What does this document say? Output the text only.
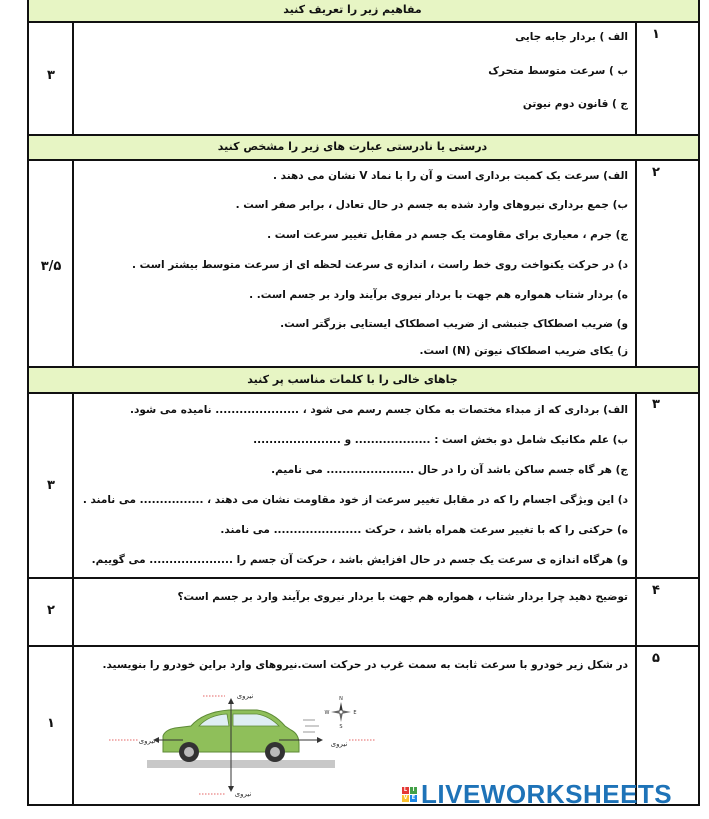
مفاهیم زیر را تعریف کنید
۱
۳
الف ) بردار جابه جایی
ب ) سرعت متوسط متحرک
ج ) قانون دوم نیوتن
درستی یا نادرستی عبارت های زیر را مشخص کنید
۲
۳/۵
الف) سرعت یک کمیت برداری است و آن را با نماد V نشان می دهند .
ب) جمع برداری نیروهای وارد شده به جسم در حال تعادل ، برابر صفر است .
ج) جرم ، معیاری برای مقاومت یک جسم در مقابل تغییر سرعت است .
د) در حرکت یکنواخت روی خط راست ، اندازه ی سرعت لحظه ای از سرعت متوسط بیشتر است .
ه) بردار شتاب همواره هم جهت با بردار نیروی برآیند وارد بر جسم است. .
و) ضریب اصطکاک جنبشی از ضریب اصطکاک ایستایی بزرگتر است.
ز) یکای ضریب اصطکاک نیوتن (N) است.
جاهای خالی را با کلمات مناسب پر کنید
۳
۳
الف) برداری که از مبداء مختصات به مکان جسم رسم می شود ، ..................... نامیده می شود.
ب) علم مکانیک شامل دو بخش است : ................... و ......................
ج) هر گاه جسم ساکن باشد آن را در حال ...................... می نامیم.
د) این ویژگی اجسام را که در مقابل تغییر سرعت از خود مقاومت نشان می دهند ، ................ می نامند .
ه) حرکتی را که با تغییر سرعت همراه باشد ، حرکت ...................... می نامند.
و) هرگاه اندازه ی سرعت یک جسم در حال افزایش باشد ، حرکت آن جسم را ..................... می گوییم.
۴
۲
توضیح دهید چرا بردار شتاب ، همواره هم جهت با بردار نیروی برآیند وارد بر جسم است؟
۵
۱
در شکل زیر خودرو با سرعت ثابت به سمت غرب در حرکت است.نیروهای وارد براین خودرو را بنویسید.
نیروی
نیروی	نیروی
نیروی
N
S
E
W
L	I
V E LIVEWORKSHEETS
